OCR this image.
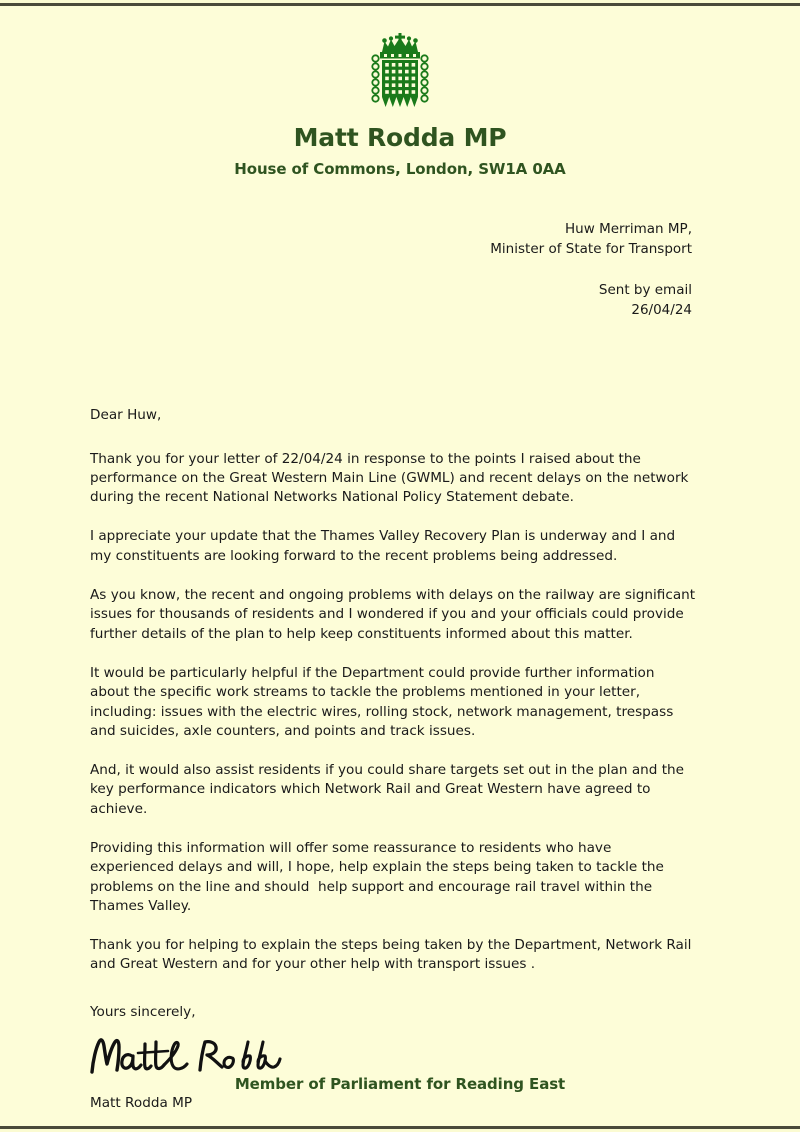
Matt Rodda MP
House of Commons, London, SW1A 0AA
Huw Merriman MP,
Minister of State for Transport
Sent by email
26/04/24

Dear Huw,

Thank you for your letter of 22/04/24 in response to the points I raised about the performance on the Great Western Main Line (GWML) and recent delays on the network during the recent National Networks National Policy Statement debate.

I appreciate your update that the Thames Valley Recovery Plan is underway and I and my constituents are looking forward to the recent problems being addressed.

As you know, the recent and ongoing problems with delays on the railway are significant issues for thousands of residents and I wondered if you and your officials could provide further details of the plan to help keep constituents informed about this matter.

It would be particularly helpful if the Department could provide further information about the specific work streams to tackle the problems mentioned in your letter, including: issues with the electric wires, rolling stock, network management, trespass and suicides, axle counters, and points and track issues.

And, it would also assist residents if you could share targets set out in the plan and the key performance indicators which Network Rail and Great Western have agreed to achieve.

Providing this information will offer some reassurance to residents who have experienced delays and will, I hope, help explain the steps being taken to tackle the problems on the line and should  help support and encourage rail travel within the Thames Valley.

Thank you for helping to explain the steps being taken by the Department, Network Rail and Great Western and for your other help with transport issues .

Yours sincerely,

Matt Rodda MP
Member of Parliament for Reading East
